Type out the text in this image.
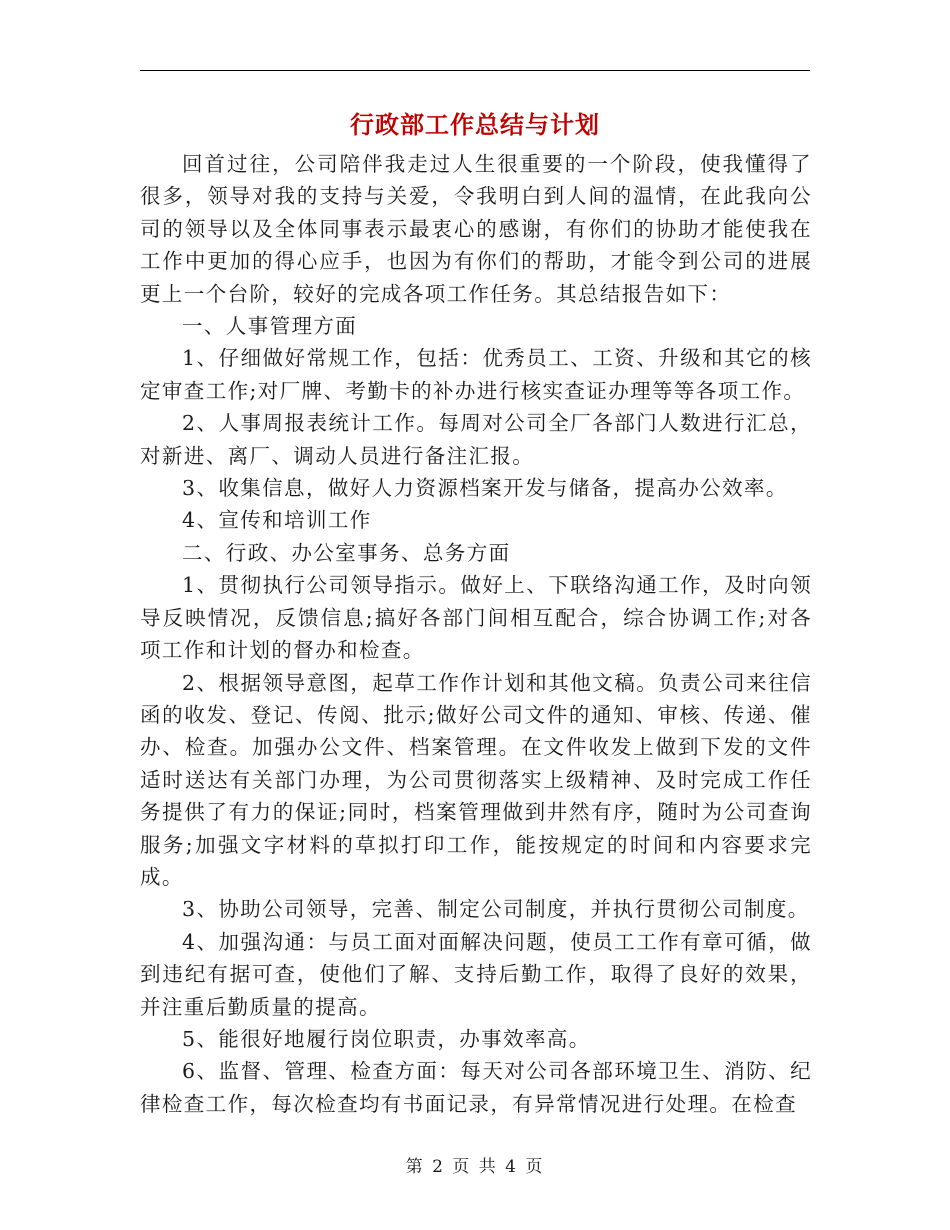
行政部工作总结与计划

回首过往，公司陪伴我走过人生很重要的一个阶段，使我懂得了很多，领导对我的支持与关爱，令我明白到人间的温情，在此我向公司的领导以及全体同事表示最衷心的感谢，有你们的协助才能使我在工作中更加的得心应手，也因为有你们的帮助，才能令到公司的进展更上一个台阶，较好的完成各项工作任务。其总结报告如下：

一、人事管理方面

1、仔细做好常规工作，包括：优秀员工、工资、升级和其它的核定审查工作;对厂牌、考勤卡的补办进行核实查证办理等等各项工作。

2、人事周报表统计工作。每周对公司全厂各部门人数进行汇总，对新进、离厂、调动人员进行备注汇报。

3、收集信息，做好人力资源档案开发与储备，提高办公效率。

4、宣传和培训工作

二、行政、办公室事务、总务方面

1、贯彻执行公司领导指示。做好上、下联络沟通工作，及时向领导反映情况，反馈信息;搞好各部门间相互配合，综合协调工作;对各项工作和计划的督办和检查。

2、根据领导意图，起草工作作计划和其他文稿。负责公司来往信函的收发、登记、传阅、批示;做好公司文件的通知、审核、传递、催办、检查。加强办公文件、档案管理。在文件收发上做到下发的文件适时送达有关部门办理，为公司贯彻落实上级精神、及时完成工作任务提供了有力的保证;同时，档案管理做到井然有序，随时为公司查询服务;加强文字材料的草拟打印工作，能按规定的时间和内容要求完成。

3、协助公司领导，完善、制定公司制度，并执行贯彻公司制度。

4、加强沟通：与员工面对面解决问题，使员工工作有章可循，做到违纪有据可查，使他们了解、支持后勤工作，取得了良好的效果，并注重后勤质量的提高。

5、能很好地履行岗位职责，办事效率高。

6、监督、管理、检查方面：每天对公司各部环境卫生、消防、纪律检查工作，每次检查均有书面记录，有异常情况进行处理。在检查

第 2 页 共 4 页
